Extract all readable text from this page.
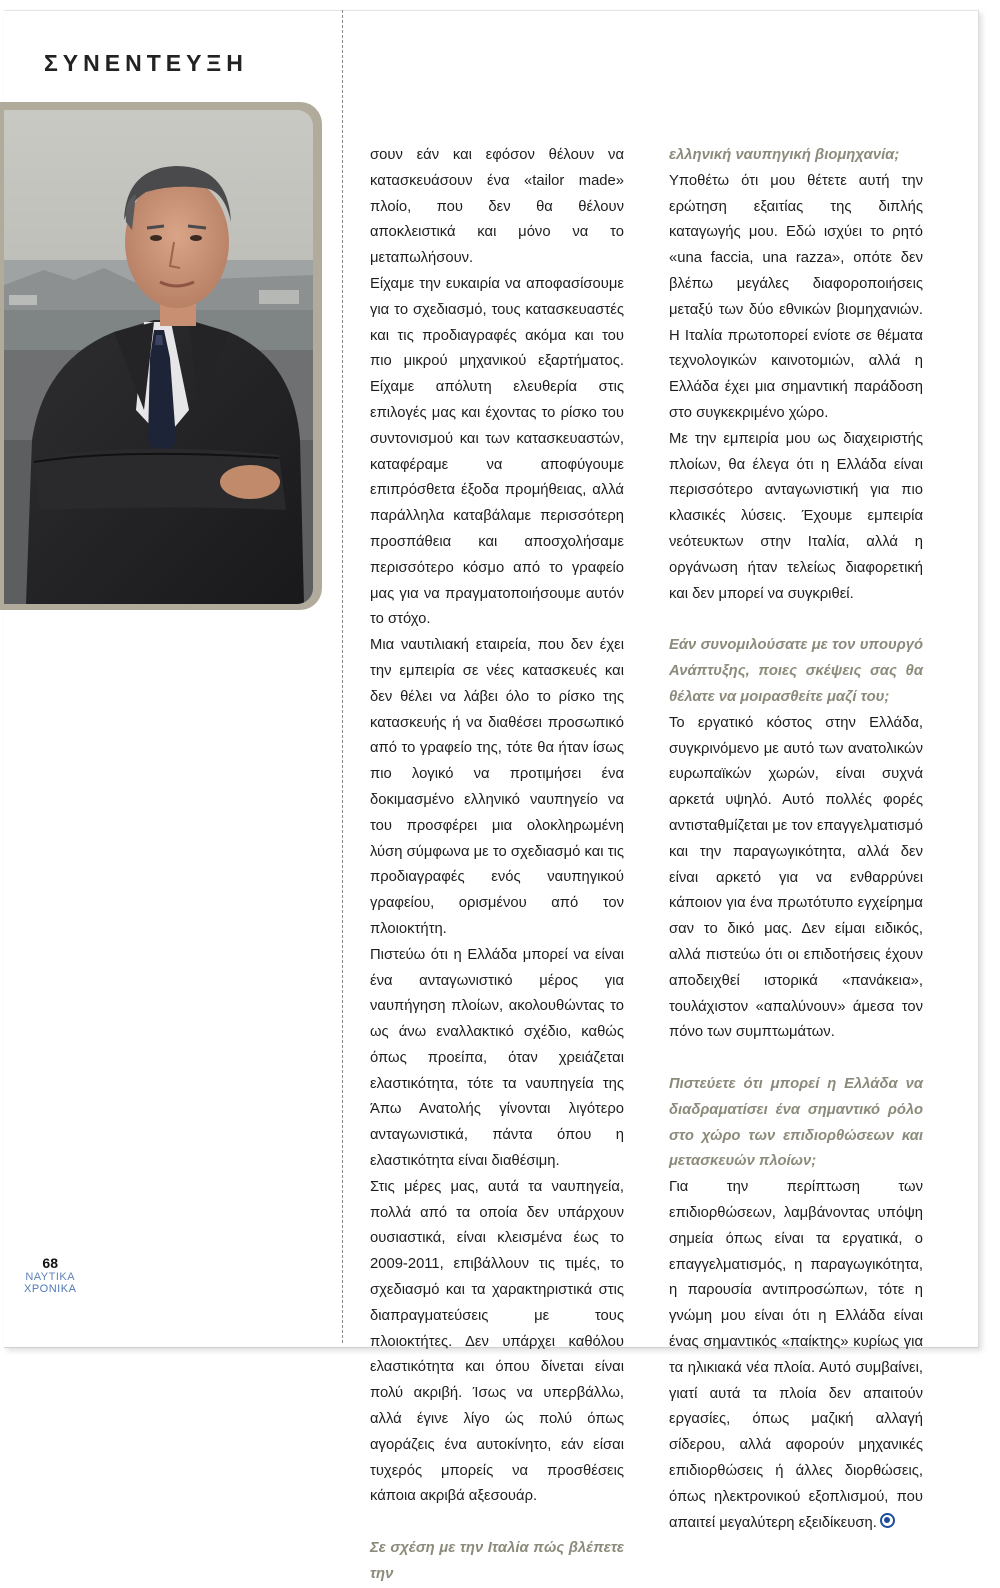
ΣΥΝΕΝΤΕΥΞΗ

σουν εάν και εφόσον θέλουν να κατασκευάσουν ένα «tailor made» πλοίο, που δεν θα θέλουν αποκλειστικά και μόνο να το μεταπωλήσουν.

Είχαμε την ευκαιρία να αποφασίσουμε για το σχεδιασμό, τους κατασκευαστές και τις προδιαγραφές ακόμα και του πιο μικρού μηχανικού εξαρτήματος. Είχαμε απόλυτη ελευθερία στις επιλογές μας και έχοντας το ρίσκο του συντονισμού και των κατασκευαστών, καταφέραμε να αποφύγουμε επιπρόσθετα έξοδα προμήθειας, αλλά παράλληλα καταβάλαμε περισσότερη προσπάθεια και αποσχολήσαμε περισσότερο κόσμο από το γραφείο μας για να πραγματοποιήσουμε αυτόν το στόχο.

Μια ναυτιλιακή εταιρεία, που δεν έχει την εμπειρία σε νέες κατασκευές και δεν θέλει να λάβει όλο το ρίσκο της κατασκευής ή να διαθέσει προσωπικό από το γραφείο της, τότε θα ήταν ίσως πιο λογικό να προτιμήσει ένα δοκιμασμένο ελληνικό ναυπηγείο να του προσφέρει μια ολοκληρωμένη λύση σύμφωνα με το σχεδιασμό και τις προδιαγραφές ενός ναυπηγικού γραφείου, ορισμένου από τον πλοιοκτήτη.

Πιστεύω ότι η Ελλάδα μπορεί να είναι ένα ανταγωνιστικό μέρος για ναυπήγηση πλοίων, ακολουθώντας το ως άνω εναλλακτικό σχέδιο, καθώς όπως προείπα, όταν χρειάζεται ελαστικότητα, τότε τα ναυπηγεία της Άπω Ανατολής γίνονται λιγότερο ανταγωνιστικά, πάντα όπου η ελαστικότητα είναι διαθέσιμη.

Στις μέρες μας, αυτά τα ναυπηγεία, πολλά από τα οποία δεν υπάρχουν ουσιαστικά, είναι κλεισμένα έως το 2009-2011, επιβάλλουν τις τιμές, το σχεδιασμό και τα χαρακτηριστικά στις διαπραγματεύσεις με τους πλοιοκτήτες. Δεν υπάρχει καθόλου ελαστικότητα και όπου δίνεται είναι πολύ ακριβή. Ίσως να υπερβάλλω, αλλά έγινε λίγο ώς πολύ όπως αγοράζεις ένα αυτοκίνητο, εάν είσαι τυχερός μπορείς να προσθέσεις κάποια ακριβά αξεσουάρ.

Σε σχέση με την Ιταλία πώς βλέπετε την

ελληνική ναυπηγική βιομηχανία;

Υποθέτω ότι μου θέτετε αυτή την ερώτηση εξαιτίας της διπλής καταγωγής μου. Εδώ ισχύει το ρητό «una faccia, una razza», οπότε δεν βλέπω μεγάλες διαφοροποιήσεις μεταξύ των δύο εθνικών βιομηχανιών. Η Ιταλία πρωτοπορεί ενίοτε σε θέματα τεχνολογικών καινοτομιών, αλλά η Ελλάδα έχει μια σημαντική παράδοση στο συγκεκριμένο χώρο.

Με την εμπειρία μου ως διαχειριστής πλοίων, θα έλεγα ότι η Ελλάδα είναι περισσότερο ανταγωνιστική για πιο κλασικές λύσεις. Έχουμε εμπειρία νεότευκτων στην Ιταλία, αλλά η οργάνωση ήταν τελείως διαφορετική και δεν μπορεί να συγκριθεί.

Εάν συνομιλούσατε με τον υπουργό Ανάπτυξης, ποιες σκέψεις σας θα θέλατε να μοιρασθείτε μαζί του;

Το εργατικό κόστος στην Ελλάδα, συγκρινόμενο με αυτό των ανατολικών ευρωπαϊκών χωρών, είναι συχνά αρκετά υψηλό. Αυτό πολλές φορές αντισταθμίζεται με τον επαγγελματισμό και την παραγωγικότητα, αλλά δεν είναι αρκετό για να ενθαρρύνει κάποιον για ένα πρωτότυπο εγχείρημα σαν το δικό μας. Δεν είμαι ειδικός, αλλά πιστεύω ότι οι επιδοτήσεις έχουν αποδειχθεί ιστορικά «πανάκεια», τουλάχιστον «απαλύνουν» άμεσα τον πόνο των συμπτωμάτων.

Πιστεύετε ότι μπορεί η Ελλάδα να διαδραματίσει ένα σημαντικό ρόλο στο χώρο των επιδιορθώσεων και μετασκευών πλοίων;

Για την περίπτωση των επιδιορθώσεων, λαμβάνοντας υπόψη σημεία όπως είναι τα εργατικά, ο επαγγελματισμός, η παραγωγικότητα, η παρουσία αντιπροσώπων, τότε η γνώμη μου είναι ότι η Ελλάδα είναι ένας σημαντικός «παίκτης» κυρίως για τα ηλικιακά νέα πλοία. Αυτό συμβαίνει, γιατί αυτά τα πλοία δεν απαιτούν εργασίες, όπως μαζική αλλαγή σίδερου, αλλά αφορούν μηχανικές επιδιορθώσεις ή άλλες διορθώσεις, όπως ηλεκτρονικού εξοπλισμού, που απαιτεί μεγαλύτερη εξειδίκευση.

68
ΝΑΥΤΙΚΑ
ΧΡΟΝΙΚΑ
